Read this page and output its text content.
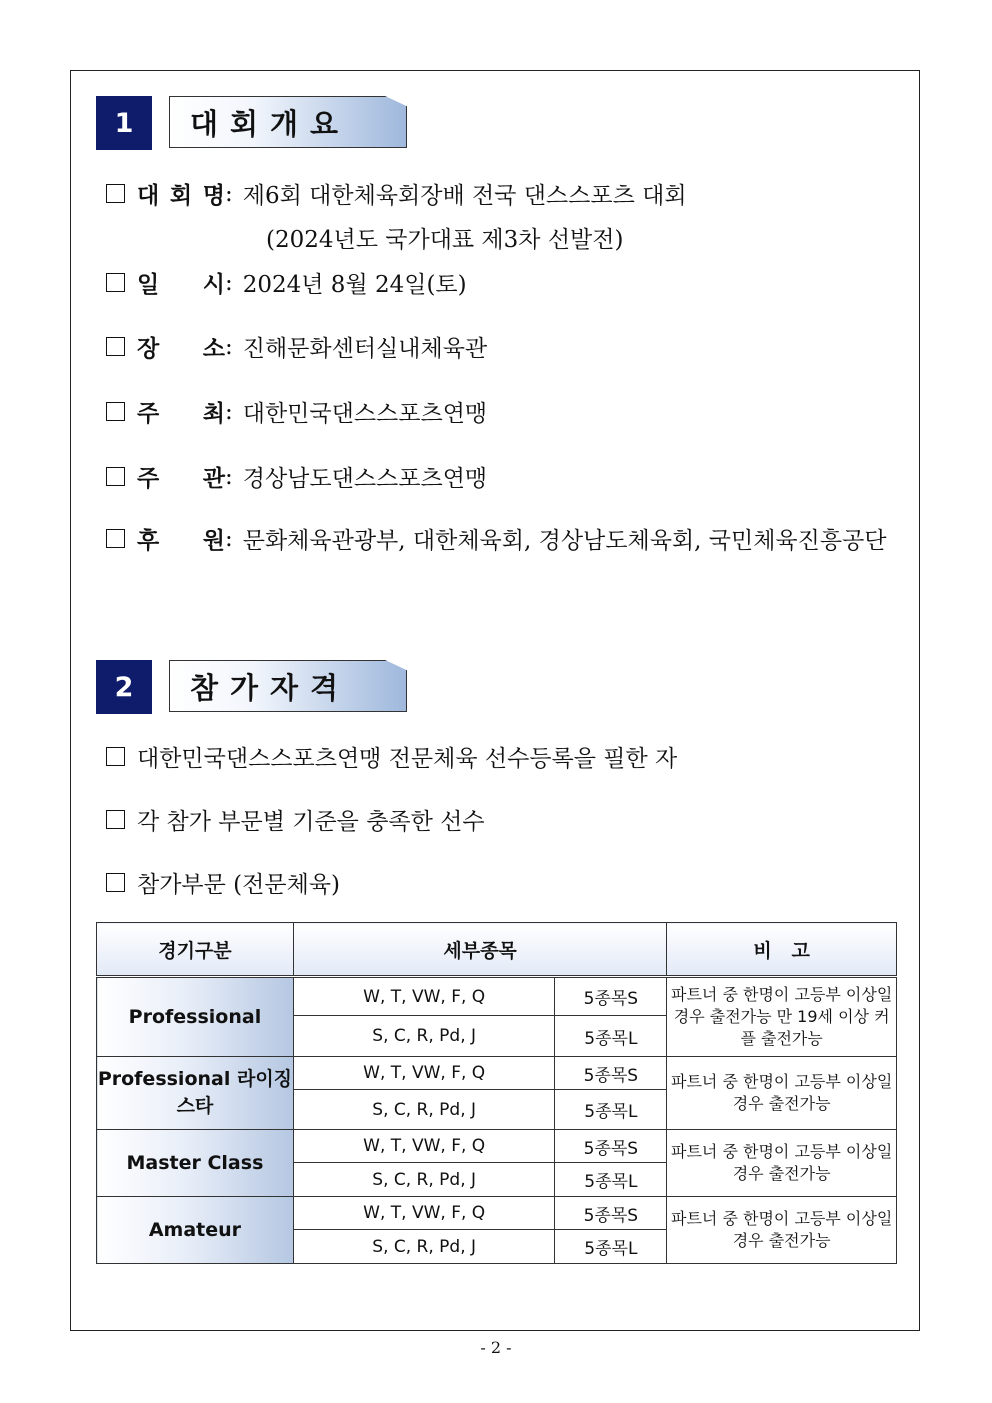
1	대회개요
대 회 명 : 제6회 대한체육회장배 전국 댄스스포츠 대회
일 시 : 2024년 8월 24일(토)
장 소 : 진해문화센터실내체육관
주 최 : 대한민국댄스스포츠연맹
주 관 : 경상남도댄스스포츠연맹
후 원 : 문화체육관광부, 대한체육회, 경상남도체육회, 국민체육진흥공단
(2024년도 국가대표 제3차 선발전)
2	참가자격
대한민국댄스스포츠연맹 전문체육 선수등록을 필한 자
각 참가 부문별 기준을 충족한 선수
참가부문 (전문체육)
경기구분	세부종목		비   고
Professional	W, T, VW, F, Q	5종목S	파트너 중 한명이 고등부 이상일 경우 출전가능 만 19세 이상 커플 출전가능
	S, C, R, Pd, J	5종목L	
Professional 라이징스타	W, T, VW, F, Q	5종목S	파트너 중 한명이 고등부 이상일 경우 출전가능
	S, C, R, Pd, J	5종목L	
Master Class	W, T, VW, F, Q	5종목S	파트너 중 한명이 고등부 이상일 경우 출전가능
	S, C, R, Pd, J	5종목L	
Amateur	W, T, VW, F, Q	5종목S	파트너 중 한명이 고등부 이상일 경우 출전가능
	S, C, R, Pd, J	5종목L	
- 2 -
